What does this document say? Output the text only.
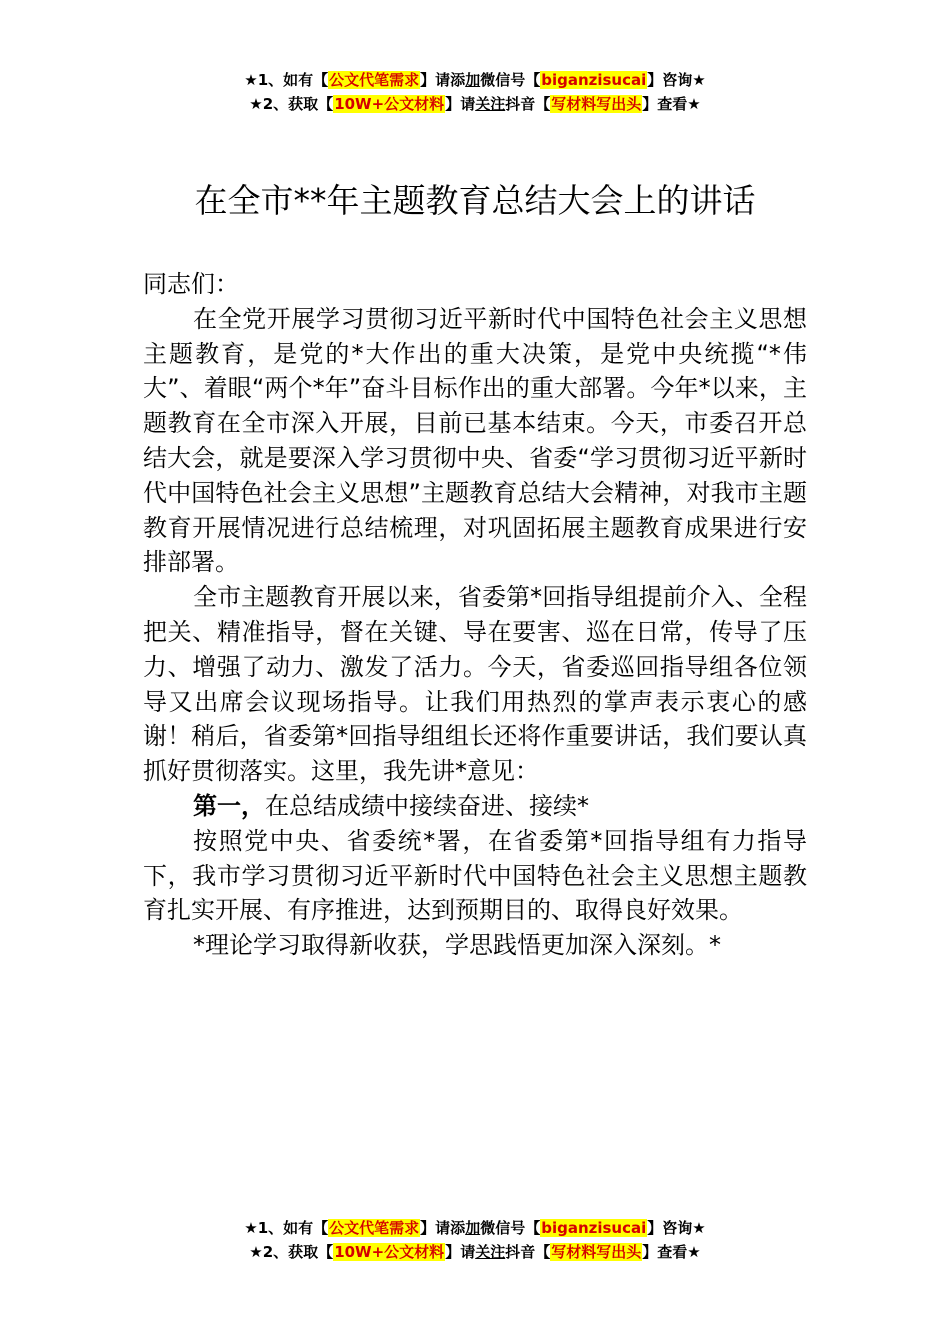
★1、如有【公文代笔需求】请添加微信号【biganzisucai】咨询★
★2、获取【10W+公文材料】请关注抖音【写材料写出头】查看★
在全市**年主题教育总结大会上的讲话

同志们：

在全党开展学习贯彻习近平新时代中国特色社会主义思想主题教育，是党的*大作出的重大决策，是党中央统揽“*伟大”、着眼“两个*年”奋斗目标作出的重大部署。今年*以来，主题教育在全市深入开展，目前已基本结束。今天，市委召开总结大会，就是要深入学习贯彻中央、省委“学习贯彻习近平新时代中国特色社会主义思想”主题教育总结大会精神，对我市主题教育开展情况进行总结梳理，对巩固拓展主题教育成果进行安排部署。

全市主题教育开展以来，省委第*回指导组提前介入、全程把关、精准指导，督在关键、导在要害、巡在日常，传导了压力、增强了动力、激发了活力。今天，省委巡回指导组各位领导又出席会议现场指导。让我们用热烈的掌声表示衷心的感谢！稍后，省委第*回指导组组长还将作重要讲话，我们要认真抓好贯彻落实。这里，我先讲*意见：

第一，在总结成绩中接续奋进、接续*

按照党中央、省委统*署，在省委第*回指导组有力指导下，我市学习贯彻习近平新时代中国特色社会主义思想主题教育扎实开展、有序推进，达到预期目的、取得良好效果。

*理论学习取得新收获，学思践悟更加深入深刻。*

★1、如有【公文代笔需求】请添加微信号【biganzisucai】咨询★
★2、获取【10W+公文材料】请关注抖音【写材料写出头】查看★
